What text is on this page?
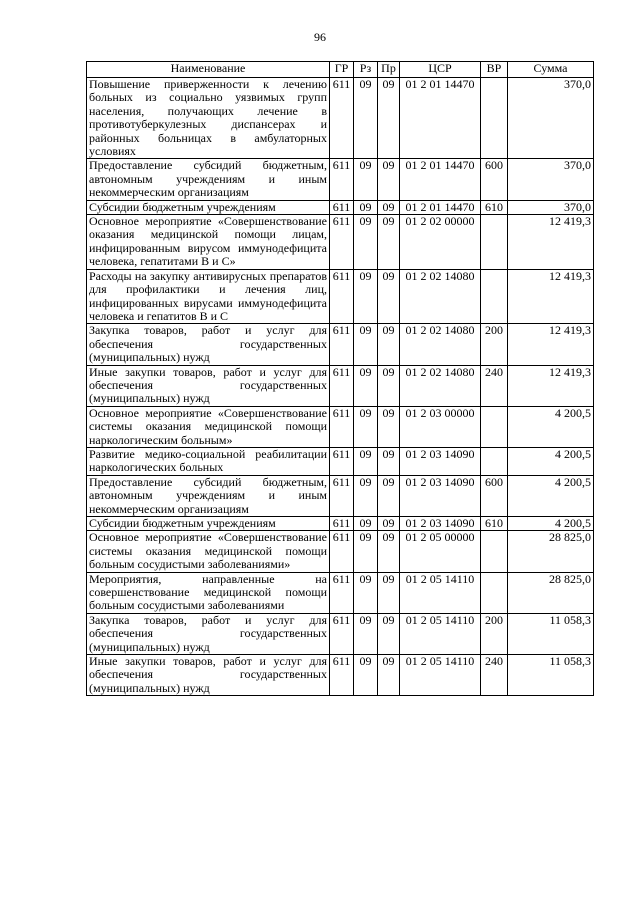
96
Наименование	ГР	Рз	Пр	ЦСР	ВР	Сумма
Повышение приверженности к лечению больных из социально уязвимых групп населения, получающих лечение в противотуберкулезных диспансерах и районных больницах в амбулаторных условиях	611	09	09	01 2 01 14470		370,0
Предоставление субсидий бюджетным, автономным учреждениям и иным некоммерческим организациям	611	09	09	01 2 01 14470	600	370,0
Субсидии бюджетным учреждениям	611	09	09	01 2 01 14470	610	370,0
Основное мероприятие «Совершенствование оказания медицинской помощи лицам, инфицированным вирусом иммунодефицита человека, гепатитами В и С»	611	09	09	01 2 02 00000		12 419,3
Расходы на закупку антивирусных препаратов для профилактики и лечения лиц, инфицированных вирусами иммунодефицита человека и гепатитов В и С	611	09	09	01 2 02 14080		12 419,3
Закупка товаров, работ и услуг для обеспечения государственных (муниципальных) нужд	611	09	09	01 2 02 14080	200	12 419,3
Иные закупки товаров, работ и услуг для обеспечения государственных (муниципальных) нужд	611	09	09	01 2 02 14080	240	12 419,3
Основное мероприятие «Совершенствование системы оказания медицинской помощи наркологическим больным»	611	09	09	01 2 03 00000		4 200,5
Развитие медико-социальной реабилитации наркологических больных	611	09	09	01 2 03 14090		4 200,5
Предоставление субсидий бюджетным, автономным учреждениям и иным некоммерческим организациям	611	09	09	01 2 03 14090	600	4 200,5
Субсидии бюджетным учреждениям	611	09	09	01 2 03 14090	610	4 200,5
Основное мероприятие «Совершенствование системы оказания медицинской помощи больным сосудистыми заболеваниями»	611	09	09	01 2 05 00000		28 825,0
Мероприятия, направленные на совершенствование медицинской помощи больным сосудистыми заболеваниями	611	09	09	01 2 05 14110		28 825,0
Закупка товаров, работ и услуг для обеспечения государственных (муниципальных) нужд	611	09	09	01 2 05 14110	200	11 058,3
Иные закупки товаров, работ и услуг для обеспечения государственных (муниципальных) нужд	611	09	09	01 2 05 14110	240	11 058,3
